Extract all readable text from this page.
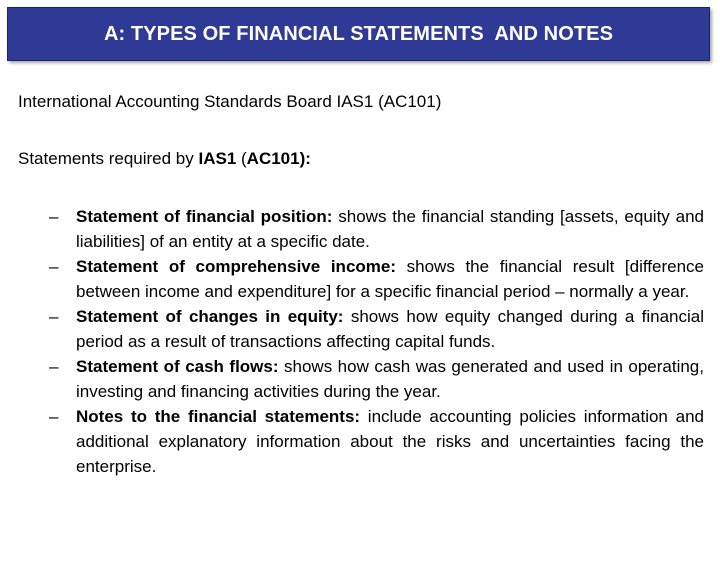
A: TYPES OF FINANCIAL STATEMENTS  AND NOTES
International Accounting Standards Board IAS1 (AC101)
Statements required by IAS1 (AC101):
– Statement of financial position: shows the financial standing [assets, equity and liabilities] of an entity at a specific date.
– Statement of comprehensive income: shows the financial result [difference between income and expenditure] for a specific financial period – normally a year.
– Statement of changes in equity: shows how equity changed during a financial period as a result of transactions affecting capital funds.
– Statement of cash flows: shows how cash was generated and used in operating, investing and financing activities during the year.
– Notes to the financial statements: include accounting policies information and additional explanatory information about the risks and uncertainties facing the enterprise.
